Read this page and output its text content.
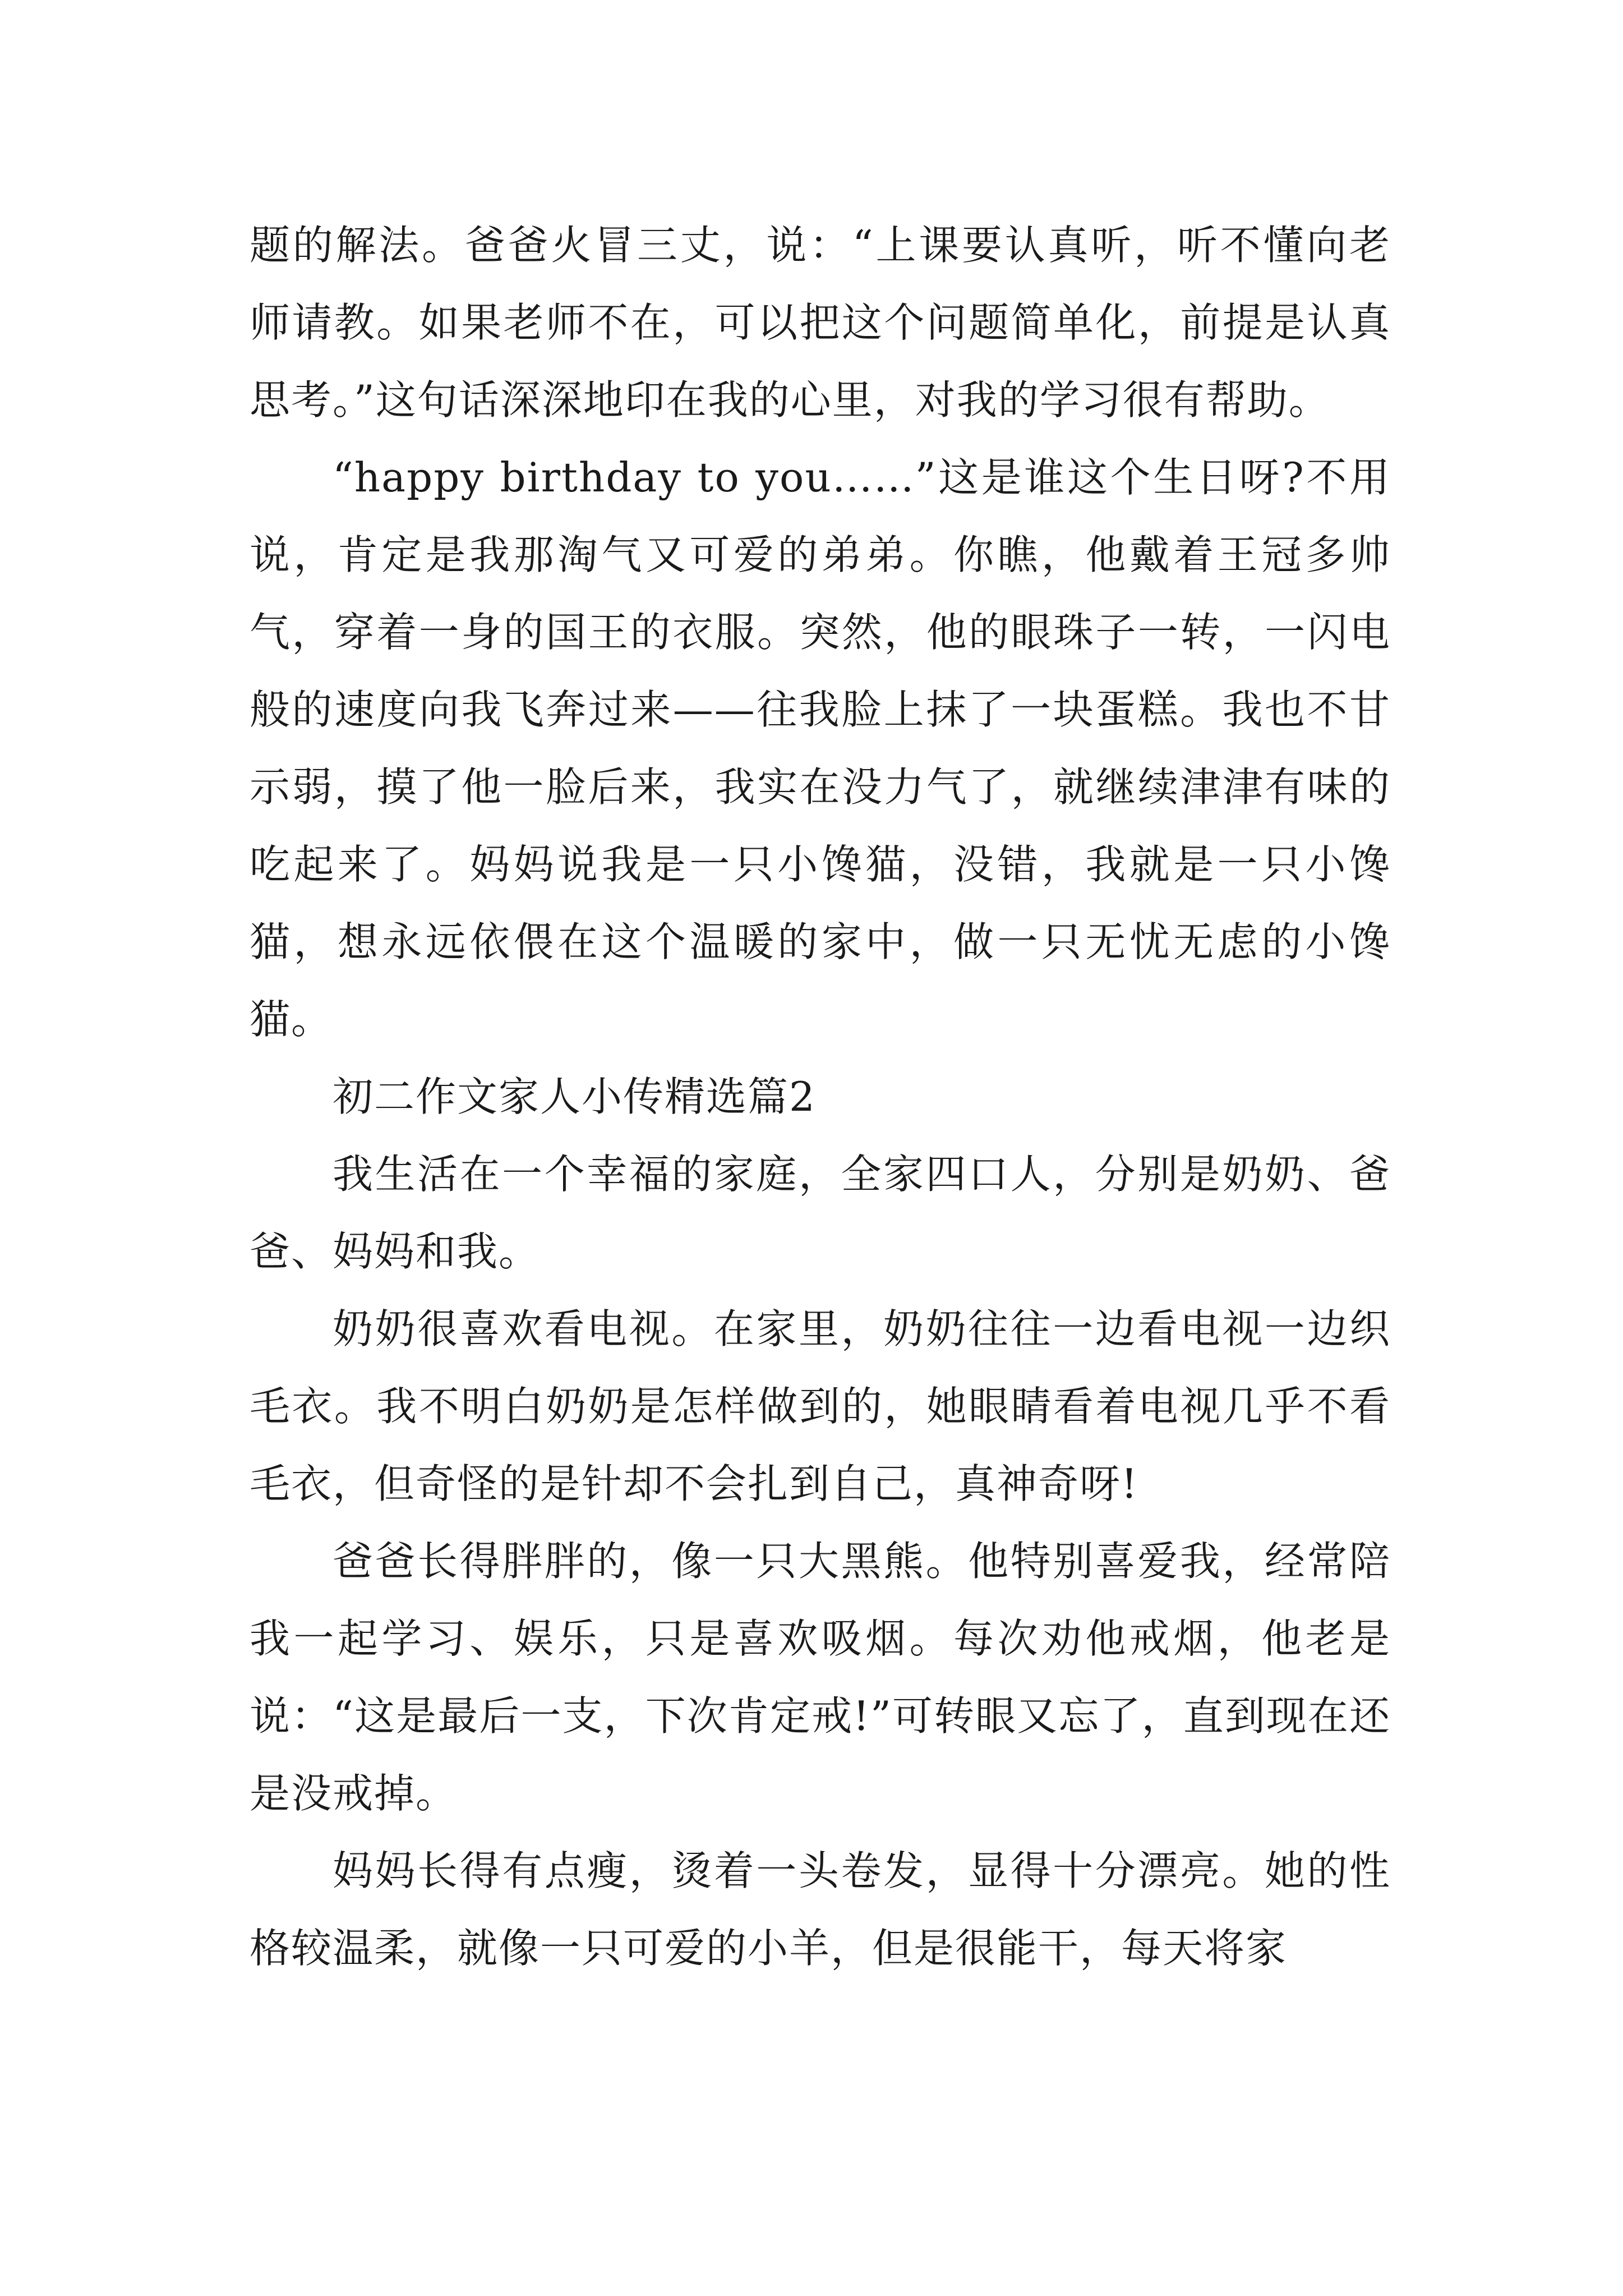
题的解法。爸爸火冒三丈，说：“上课要认真听，听不懂向老师请教。如果老师不在，可以把这个问题简单化，前提是认真思考。”这句话深深地印在我的心里，对我的学习很有帮助。

“happy birthday to you……”这是谁这个生日呀?不用说，肯定是我那淘气又可爱的弟弟。你瞧，他戴着王冠多帅气，穿着一身的国王的衣服。突然，他的眼珠子一转，一闪电般的速度向我飞奔过来——往我脸上抹了一块蛋糕。我也不甘示弱，摸了他一脸后来，我实在没力气了，就继续津津有味的吃起来了。妈妈说我是一只小馋猫，没错，我就是一只小馋猫，想永远依偎在这个温暖的家中，做一只无忧无虑的小馋猫。

初二作文家人小传精选篇2

我生活在一个幸福的家庭，全家四口人，分别是奶奶、爸爸、妈妈和我。

奶奶很喜欢看电视。在家里，奶奶往往一边看电视一边织毛衣。我不明白奶奶是怎样做到的，她眼睛看着电视几乎不看毛衣，但奇怪的是针却不会扎到自己，真神奇呀!

爸爸长得胖胖的，像一只大黑熊。他特别喜爱我，经常陪我一起学习、娱乐，只是喜欢吸烟。每次劝他戒烟，他老是说：“这是最后一支，下次肯定戒!”可转眼又忘了，直到现在还是没戒掉。

妈妈长得有点瘦，烫着一头卷发，显得十分漂亮。她的性格较温柔，就像一只可爱的小羊，但是很能干，每天将家
